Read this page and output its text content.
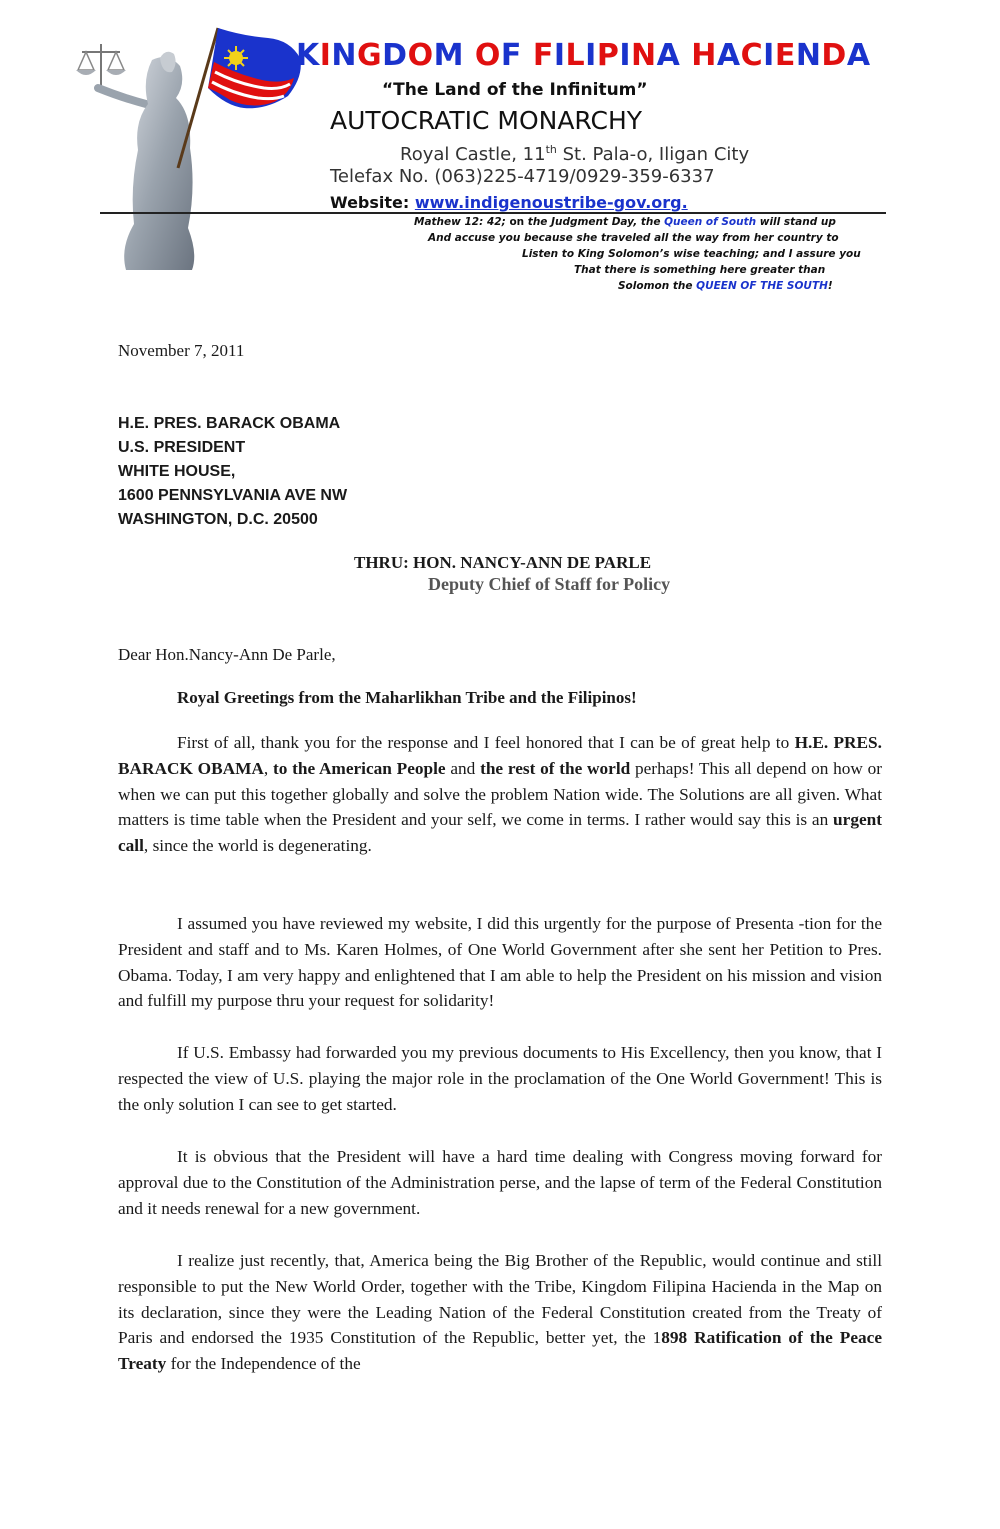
KINGDOM OF FILIPINA HACIENDA
“The Land of the Infinitum”
AUTOCRATIC MONARCHY
Royal Castle, 11th St. Pala-o, Iligan City
Telefax No. (063)225-4719/0929-359-6337
Website: www.indigenoustribe-gov.org.
Mathew 12: 42; on the Judgment Day, the Queen of South will stand up
And accuse you because she traveled all the way from her country to
Listen to King Solomon’s wise teaching; and I assure you
That there is something here greater than
Solomon the QUEEN OF THE SOUTH!
November 7, 2011
H.E. PRES. BARACK OBAMA
U.S. PRESIDENT
WHITE HOUSE,
1600 PENNSYLVANIA AVE NW
WASHINGTON, D.C. 20500
THRU: HON. NANCY-ANN DE PARLE
Deputy Chief of Staff for Policy
Dear Hon.Nancy-Ann De Parle,
Royal Greetings from the Maharlikhan Tribe and the Filipinos!
First of all, thank you for the response and I feel honored that I can be of great help to H.E. PRES. BARACK OBAMA, to the American People and the rest of the world perhaps! This all depend on how or when we can put this together globally and solve the problem Nation wide. The Solutions are all given. What matters is time table when the President and your self, we come in terms. I rather would say this is an urgent call, since the world is degenerating.
I assumed you have reviewed my website, I did this urgently for the purpose of Presenta -tion for the President and staff and to Ms. Karen Holmes, of One World Government after she sent her Petition to Pres. Obama. Today, I am very happy and enlightened that I am able to help the President on his mission and vision and fulfill my purpose thru your request for solidarity!
If U.S. Embassy had forwarded you my previous documents to His Excellency, then you know, that I respected the view of U.S. playing the major role in the proclamation of the One World Government! This is the only solution I can see to get started.
It is obvious that the President will have a hard time dealing with Congress moving forward for approval due to the Constitution of the Administration perse, and the lapse of term of the Federal Constitution and it needs renewal for a new government.
I realize just recently, that, America being the Big Brother of the Republic, would continue and still responsible to put the New World Order, together with the Tribe, Kingdom Filipina Hacienda in the Map on its declaration, since they were the Leading Nation of the Federal Constitution created from the Treaty of Paris and endorsed the 1935 Constitution of the Republic, better yet, the 1898 Ratification of the Peace Treaty for the Independence of the
